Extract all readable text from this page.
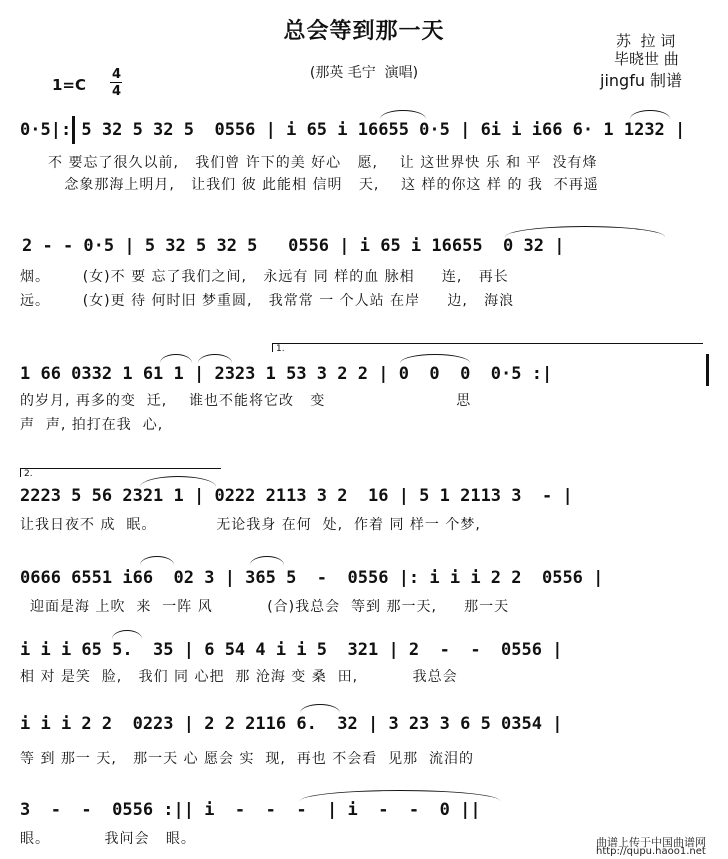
总会等到那一天
(那英 毛宁  演唱)
苏  拉 词
毕晓世 曲
jingfu 制谱
1=C
4
4
0·5|: 5 32 5 32 5  0556 | i 65 i 16655 0·5 | 6i i i66 6· 1 1232 |
不 要忘了很久以前,   我们曾 许下的美 好心   愿,    让 这世界快 乐 和 平  没有烽
念象那海上明月,   让我们 彼 此能相 信明   天,    这 样的你这 样 的 我  不再遥
2 - - 0·5 | 5 32 5 32 5   0556 | i 65 i 16655  0 32 |
烟。      (女)不 要 忘了我们之间,   永远有 同 样的血 脉相     连,   再长
远。      (女)更 待 何时旧 梦重圆,   我常常 一 个人站 在岸     边,   海浪
1 66 0332 1 61 1 | 2323 1 53 3 2 2 | 0  0  0  0·5 :|
的岁月, 再多的变  迁,    谁也不能将它改   变                        思
声  声, 拍打在我  心,
1.
2223 5 56 2321 1 | 0222 2113 3 2  16 | 5 1 2113 3  - |
让我日夜不 成  眠。           无论我身 在何  处,  作着 同 样一 个梦,
2.
0666 6551 i66  02 3 | 365 5  -  0556 |: i i i 2 2  0556 |
迎面是海 上吹  来  一阵 风          (合)我总会  等到 那一天,     那一天
i i i 65 5.  35 | 6 54 4 i i 5  321 | 2  -  -  0556 |
相 对 是笑  脸,   我们 同 心把  那 沧海 变 桑  田,          我总会
i i i 2 2  0223 | 2 2 2116 6.  32 | 3 23 3 6 5 0354 |
等 到 那一 天,   那一天 心 愿会 实  现,  再也 不会看  见那  流泪的
3  -  -  0556 :|| i  -  -  -  | i  -  -  0 ||
眼。          我问会   眼。	曲谱上传于中国曲谱网
http://qupu.haoo1.net
